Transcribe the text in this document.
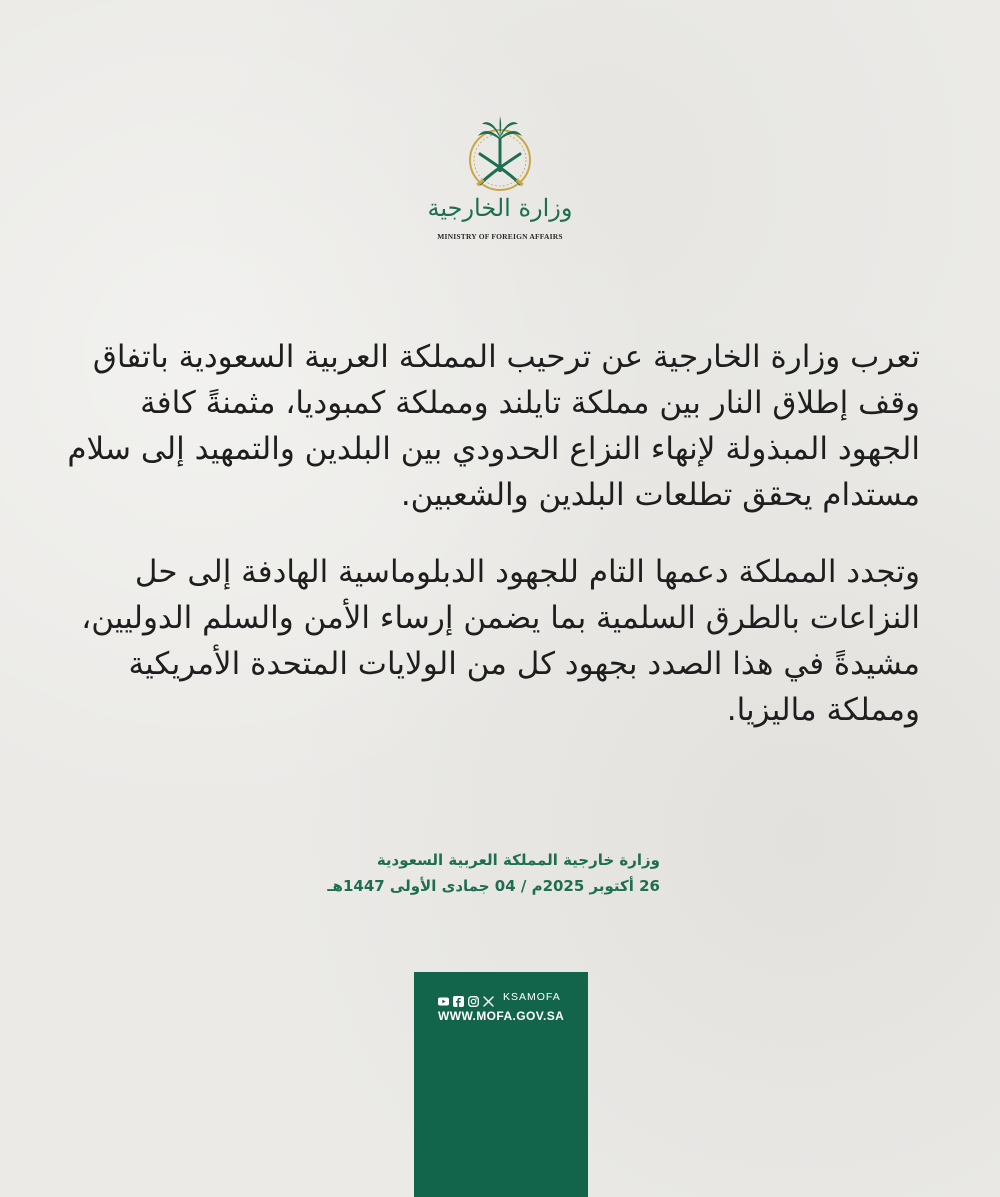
وزارة الخارجية
MINISTRY OF FOREIGN AFFAIRS

تعرب وزارة الخارجية عن ترحيب المملكة العربية السعودية باتفاق
وقف إطلاق النار بين مملكة تايلند ومملكة كمبوديا، مثمنةً كافة
الجهود المبذولة لإنهاء النزاع الحدودي بين البلدين والتمهيد إلى سلام
مستدام يحقق تطلعات البلدين والشعبين.

وتجدد المملكة دعمها التام للجهود الدبلوماسية الهادفة إلى حل
النزاعات بالطرق السلمية بما يضمن إرساء الأمن والسلم الدوليين،
مشيدةً في هذا الصدد بجهود كل من الولايات المتحدة الأمريكية
ومملكة ماليزيا.

وزارة خارجية المملكة العربية السعودية
26 أكتوبر 2025م / 04 جمادى الأولى 1447هـ
KSAMOFA
WWW.MOFA.GOV.SA
